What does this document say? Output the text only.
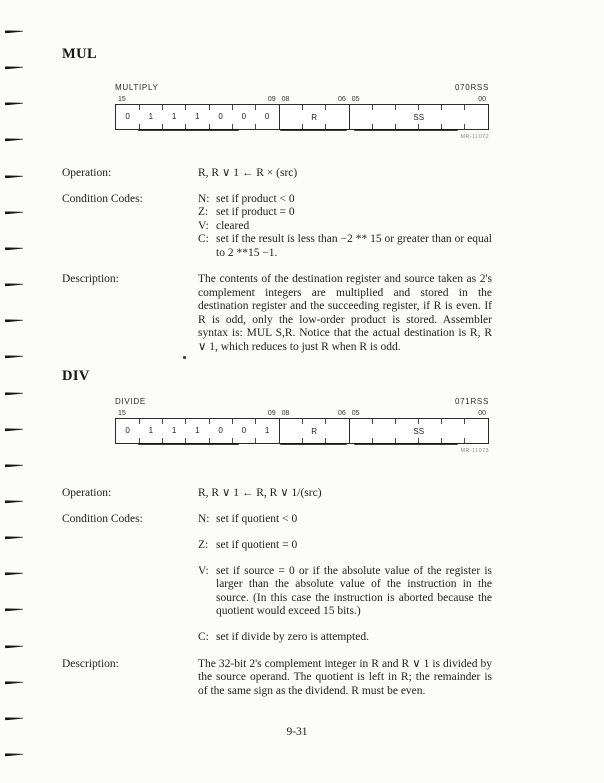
MUL
MULTIPLY	070RSS
15	09 08	06 05	00
0	1	1	1	0	0	0	R	SS
MR-11072
Operation:	R, R ∨ 1 ← R × (src)
Condition Codes:	N: set if product < 0
Z: set if product = 0
V: cleared
C: set if the result is less than −2 ** 15 or greater than or equal to 2 **15 −1.
Description:	The contents of the destination register and source taken as 2's complement integers are multiplied and stored in the destination register and the succeeding register, if R is even. If R is odd, only the low-order product is stored. Assembler syntax is: MUL S,R. Notice that the actual destination is R, R ∨ 1, which reduces to just R when R is odd.
DIV
DIVIDE	071RSS
15	09 08	06 05	00
0	1	1	1	0	0	1	R	SS
MR-11073
Operation:	R, R ∨ 1 ← R, R ∨ 1/(src)
Condition Codes:	N: set if quotient < 0
Z: set if quotient = 0
V: set if source = 0 or if the absolute value of the register is larger than the absolute value of the instruction in the source. (In this case the instruction is aborted because the quotient would exceed 15 bits.)
C: set if divide by zero is attempted.
Description:	The 32-bit 2's complement integer in R and R ∨ 1 is divided by the source operand. The quotient is left in R; the remainder is of the same sign as the dividend. R must be even.
9-31
